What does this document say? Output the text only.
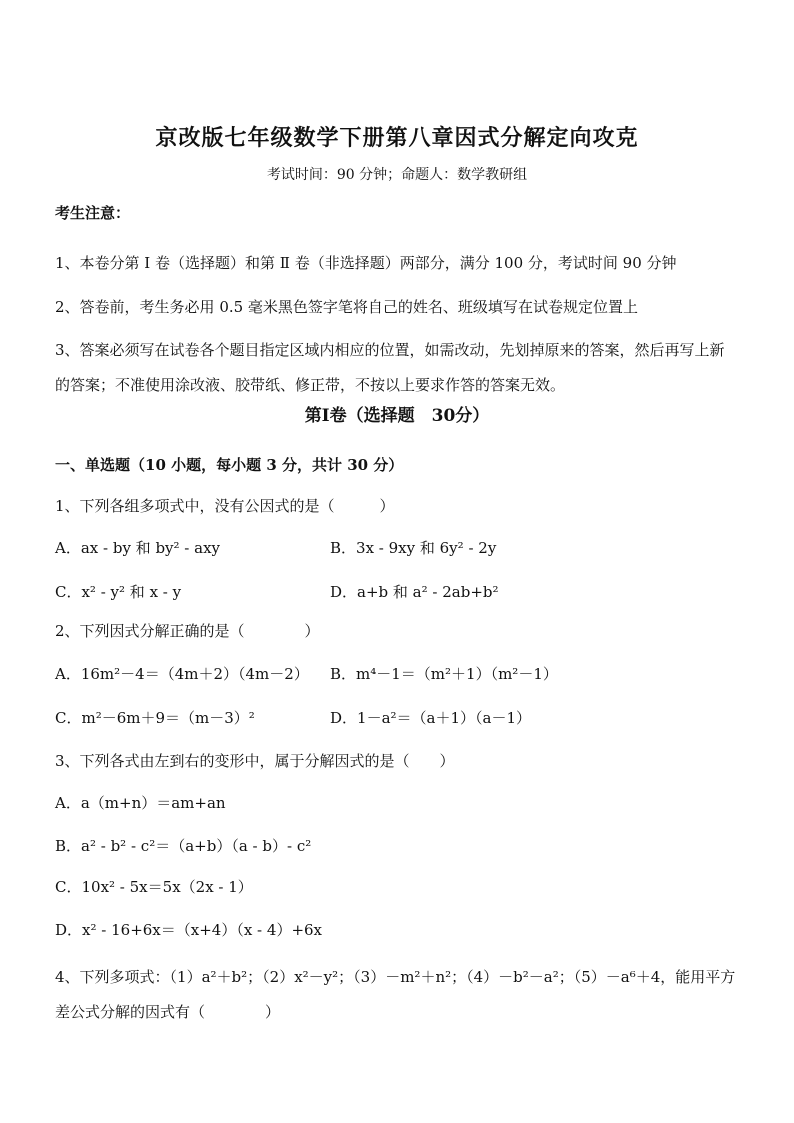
京改版七年级数学下册第八章因式分解定向攻克
考试时间：90 分钟；命题人：数学教研组
考生注意：
1、本卷分第 Ⅰ 卷（选择题）和第 Ⅱ 卷（非选择题）两部分，满分 100 分，考试时间 90 分钟
2、答卷前，考生务必用 0.5 毫米黑色签字笔将自己的姓名、班级填写在试卷规定位置上
3、答案必须写在试卷各个题目指定区域内相应的位置，如需改动，先划掉原来的答案，然后再写上新的答案；不准使用涂改液、胶带纸、修正带，不按以上要求作答的答案无效。
第Ⅰ卷（选择题　30分）
一、单选题（10 小题，每小题 3 分，共计 30 分）
1、下列各组多项式中，没有公因式的是（　　　）
A．ax - by 和 by² - axy	B．3x - 9xy 和 6y² - 2y
C．x² - y² 和 x - y	D．a+b 和 a² - 2ab+b²
2、下列因式分解正确的是（　　　　）
A．16m²－4＝（4m＋2）（4m－2）	B．m⁴－1＝（m²＋1）（m²－1）
C．m²－6m＋9＝（m－3）²	D．1－a²＝（a＋1）（a－1）
3、下列各式由左到右的变形中，属于分解因式的是（　　）
A．a（m+n）＝am+an
B．a² - b² - c²＝（a+b）（a - b）- c²
C．10x² - 5x＝5x（2x - 1）
D．x² - 16+6x＝（x+4）（x - 4）+6x
4、下列多项式：（1）a²＋b²；（2）x²－y²；（3）－m²＋n²；（4）－b²－a²；（5）－a⁶＋4，能用平方差公式分解的因式有（　　　　）
